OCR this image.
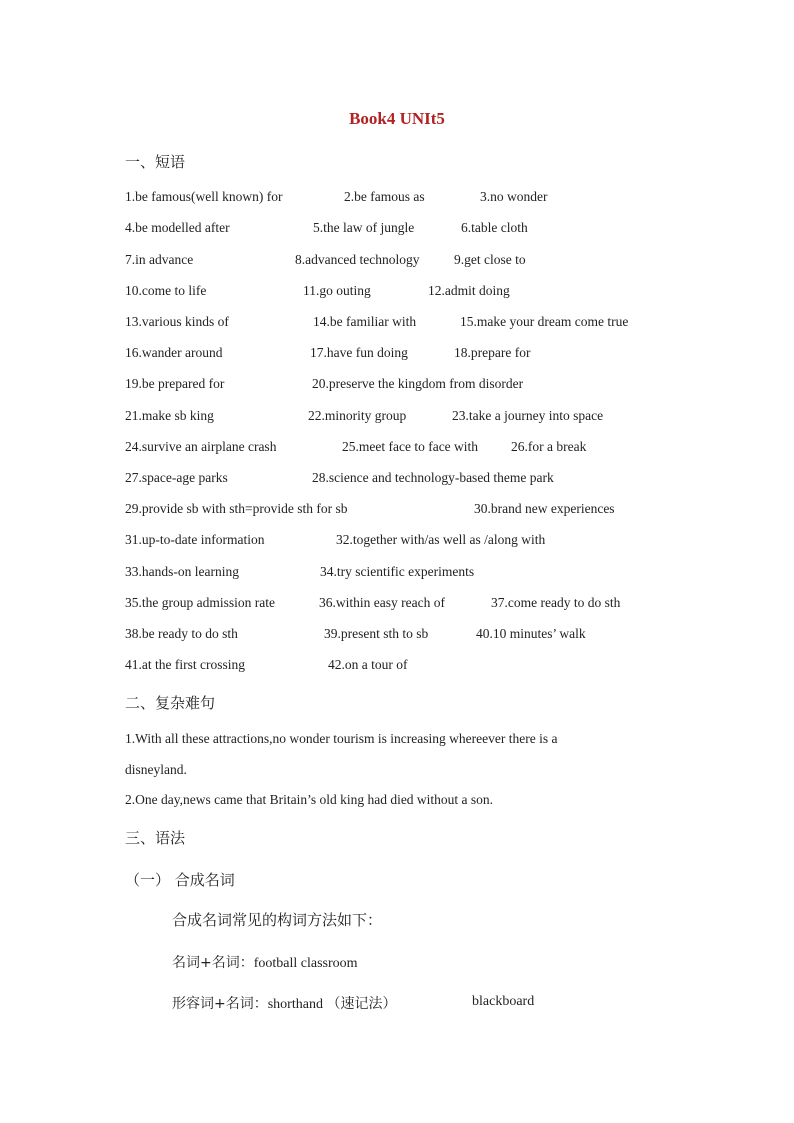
Book4 UNIt5
一、短语
1.be famous(well known) for	2.be famous as	3.no wonder
4.be modelled after	5.the law of jungle	6.table cloth
7.in advance	8.advanced technology	9.get close to
10.come to life	11.go outing	12.admit doing
13.various kinds of	14.be familiar with	15.make your dream come true
16.wander around	17.have fun doing	18.prepare for
19.be prepared for	20.preserve the kingdom from disorder
21.make sb king	22.minority group	23.take a journey into space
24.survive an airplane crash	25.meet face to face with 26.for a break
27.space-age parks	28.science and technology-based theme park
29.provide sb with sth=provide sth for sb	30.brand new experiences
31.up-to-date information	32.together with/as well as /along with
33.hands-on learning	34.try scientific experiments
35.the group admission rate	36.within easy reach of	37.come ready to do sth
38.be ready to do sth	39.present sth to sb	40.10 minutes’ walk
41.at the first crossing	42.on a tour of
二、复杂难句
1.With all these attractions,no wonder tourism is increasing whereever there is a
disneyland.
2.One day,news came that Britain’s old king had died without a son.
三、语法
（一） 合成名词
合成名词常见的构词方法如下：
名词+名词：football classroom
形容词+名词：shorthand （速记法）	blackboard
